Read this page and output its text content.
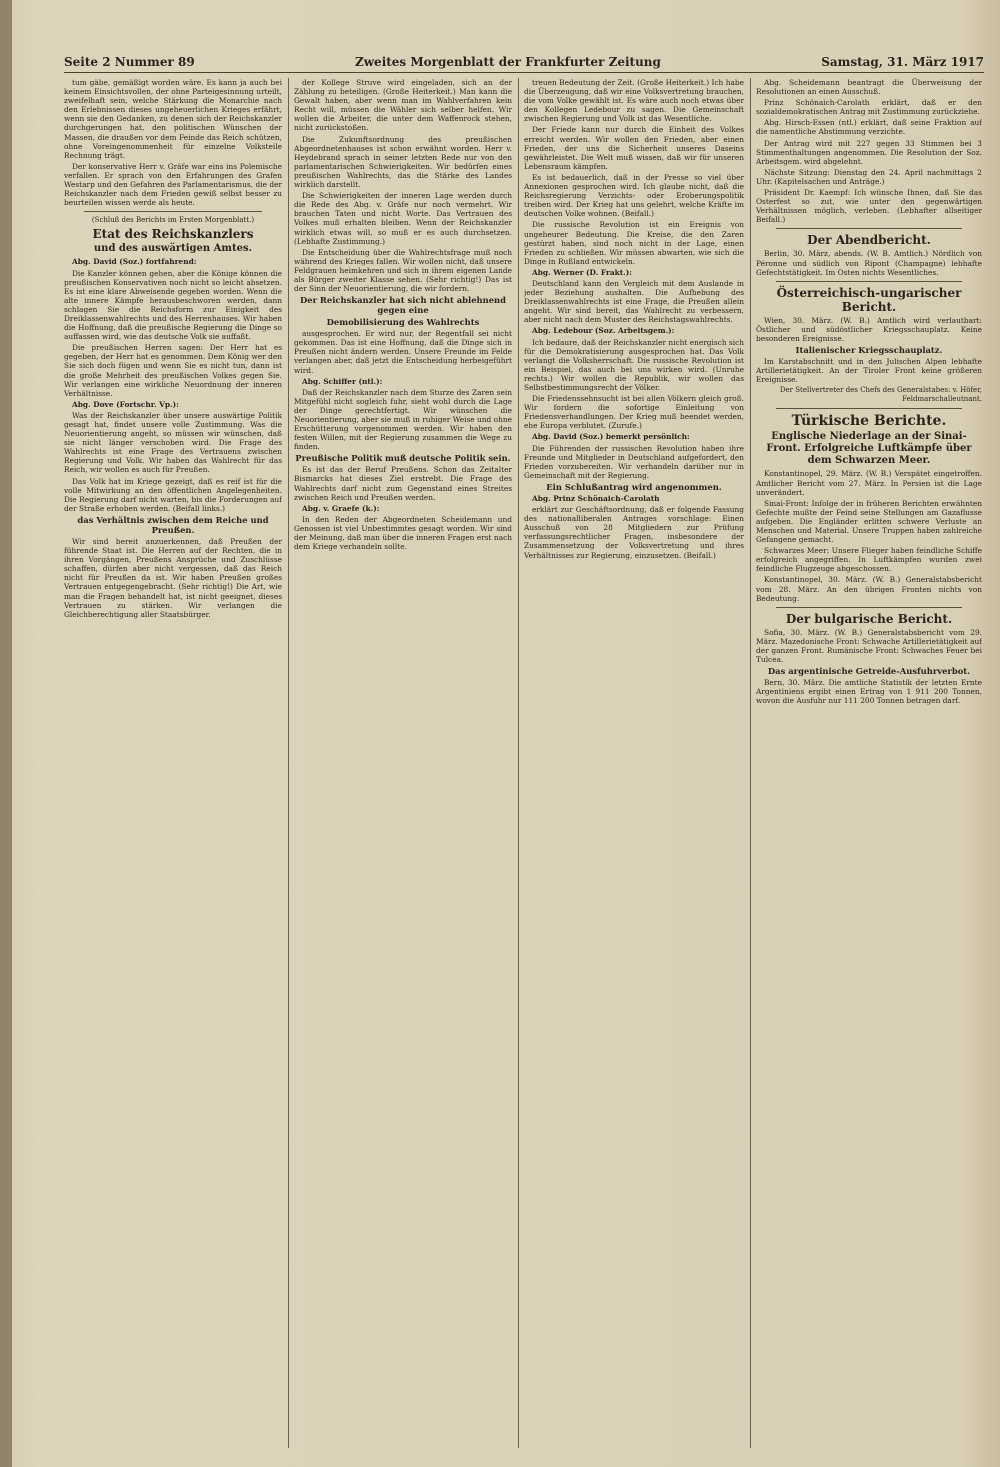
Seite 2 Nummer 89	Zweites Morgenblatt der Frankfurter Zeitung	Samstag, 31. März 1917

tum gäbe, gemäßigt worden wäre. Es kann ja auch bei keinem Einsichtsvollen, der ohne Parteigesinnung urteilt, zweifelhaft sein, welche Stärkung die Monarchie nach den Erlebnissen dieses ungeheuerlichen Krieges erfährt, wenn sie den Gedanken, zu denen sich der Reichskanzler durchgerungen hat, den politischen Wünschen der Massen, die draußen vor dem Feinde das Reich schützen, ohne Voreingenommenheit für einzelne Volksteile Rechnung trägt.

Der konservative Herr v. Gräfe war eins ins Polemische verfallen. Er sprach von den Erfahrungen des Grafen Westarp und den Gefahren des Parlamentarismus, die der Reichskanzler nach dem Frieden gewiß selbst besser zu beurteilen wissen werde als heute.

(Schluß des Berichts im Ersten Morgenblatt.)

Etat des Reichskanzlers

und des auswärtigen Amtes.

Abg. David (Soz.) fortfahrend:

Die Kanzler können gehen, aber die Könige können die preußischen Konservativen noch nicht so leicht absetzen. Es ist eine klare Abweisende gegeben worden. Wenn die alte innere Kämpfe herausbeschworen werden, dann schlagen Sie die Reichsform zur Einigkeit des Dreiklassenwahlrechts und des Herrenhauses. Wir haben die Hoffnung, daß die preußische Regierung die Dinge so auffassen wird, wie das deutsche Volk sie auffaßt.

Die preußischen Herren sagen: Der Herr hat es gegeben, der Herr hat es genommen. Dem König wer den Sie sich doch fügen und wenn Sie es nicht tun, dann ist die große Mehrheit des preußischen Volkes gegen Sie. Wir verlangen eine wirkliche Neuordnung der inneren Verhältnisse.

Abg. Dove (Fortschr. Vp.):

Was der Reichskanzler über unsere auswärtige Politik gesagt hat, findet unsere volle Zustimmung. Was die Neuorientierung angeht, so müssen wir wünschen, daß sie nicht länger verschoben wird. Die Frage des Wahlrechts ist eine Frage des Vertrauens zwischen Regierung und Volk. Wir haben das Wahlrecht für das Reich, wir wollen es auch für Preußen.

Das Volk hat im Kriege gezeigt, daß es reif ist für die volle Mitwirkung an den öffentlichen Angelegenheiten. Die Regierung darf nicht warten, bis die Forderungen auf der Straße erhoben werden. (Beifall links.)

das Verhältnis zwischen dem Reiche und Preußen.

Wir sind bereit anzuerkennen, daß Preußen der führende Staat ist. Die Herren auf der Rechten, die in ihren Vorgängen, Preußens Ansprüche und Zuschlüsse schaffen, dürfen aber nicht vergessen, daß das Reich nicht für Preußen da ist. Wir haben Preußen großes Vertrauen entgegengebracht. (Sehr richtig!) Die Art, wie man die Fragen behandelt hat, ist nicht geeignet, dieses Vertrauen zu stärken. Wir verlangen die Gleichberechtigung aller Staatsbürger.

der Kollege Struve wird eingeladen, sich an der Zählung zu beteiligen. (Große Heiterkeit.) Man kann die Gewalt haben, aber wenn man im Wahlverfahren kein Recht will, müssen die Wähler sich selber helfen. Wir wollen die Arbeiter, die unter dem Waffenrock stehen, nicht zurückstoßen.

Die Zukunftsordnung des preußischen Abgeordnetenhauses ist schon erwähnt worden. Herr v. Heydebrand sprach in seiner letzten Rede nur von den parlamentarischen Schwierigkeiten. Wir bedürfen eines preußischen Wahlrechts, das die Stärke des Landes wirklich darstellt.

Die Schwierigkeiten der inneren Lage werden durch die Rede des Abg. v. Gräfe nur noch vermehrt. Wir brauchen Taten und nicht Worte. Das Vertrauen des Volkes muß erhalten bleiben. Wenn der Reichskanzler wirklich etwas will, so muß er es auch durchsetzen. (Lebhafte Zustimmung.)

Die Entscheidung über die Wahlrechtsfrage muß noch während des Krieges fallen. Wir wollen nicht, daß unsere Feldgrauen heimkehren und sich in ihrem eigenen Lande als Bürger zweiter Klasse sehen. (Sehr richtig!) Das ist der Sinn der Neuorientierung, die wir fordern.

Der Reichskanzler hat sich nicht ablehnend gegen eine

Demobilisierung des Wahlrechts

ausgesprochen. Er wird nur, der Regentfall sei nicht gekommen. Das ist eine Hoffnung, daß die Dinge sich in Preußen nicht ändern werden. Unsere Freunde im Felde verlangen aber, daß jetzt die Entscheidung herbeigeführt wird.

Abg. Schiffer (ntl.):

Daß der Reichskanzler nach dem Sturze des Zaren sein Mitgefühl nicht sogleich fuhr, sieht wohl durch die Lage der Dinge gerechtfertigt. Wir wünschen die Neuorientierung, aber sie muß in ruhiger Weise und ohne Erschütterung vorgenommen werden. Wir haben den festen Willen, mit der Regierung zusammen die Wege zu finden.

Preußische Politik muß deutsche Politik sein.

Es ist das der Beruf Preußens. Schon das Zeitalter Bismarcks hat dieses Ziel erstrebt. Die Frage des Wahlrechts darf nicht zum Gegenstand eines Streites zwischen Reich und Preußen werden.

Abg. v. Graefe (k.):

In den Reden der Abgeordneten Scheidemann und Genossen ist viel Unbestimmtes gesagt worden. Wir sind der Meinung, daß man über die inneren Fragen erst nach dem Kriege verhandeln sollte.

treuen Bedeutung der Zeit. (Große Heiterkeit.) Ich habe die Überzeugung, daß wir eine Volksvertretung brauchen, die vom Volke gewählt ist. Es wäre auch noch etwas über den Kollegen Ledebour zu sagen. Die Gemeinschaft zwischen Regierung und Volk ist das Wesentliche.

Der Friede kann nur durch die Einheit des Volkes erreicht werden. Wir wollen den Frieden, aber einen Frieden, der uns die Sicherheit unseres Daseins gewährleistet. Die Welt muß wissen, daß wir für unseren Lebensraum kämpfen.

Es ist bedauerlich, daß in der Presse so viel über Annexionen gesprochen wird. Ich glaube nicht, daß die Reichsregierung Verzichts- oder Eroberungspolitik treiben wird. Der Krieg hat uns gelehrt, welche Kräfte im deutschen Volke wohnen. (Beifall.)

Die russische Revolution ist ein Ereignis von ungeheurer Bedeutung. Die Kreise, die den Zaren gestürzt haben, sind noch nicht in der Lage, einen Frieden zu schließen. Wir müssen abwarten, wie sich die Dinge in Rußland entwickeln.

Abg. Werner (D. Frakt.):

Deutschland kann den Vergleich mit dem Auslande in jeder Beziehung aushalten. Die Aufhebung des Dreiklassenwahlrechts ist eine Frage, die Preußen allein angeht. Wir sind bereit, das Wahlrecht zu verbessern, aber nicht nach dem Muster des Reichstagswahlrechts.

Abg. Ledebour (Soz. Arbeitsgem.):

Ich bedaure, daß der Reichskanzler nicht energisch sich für die Demokratisierung ausgesprochen hat. Das Volk verlangt die Volksherrschaft. Die russische Revolution ist ein Beispiel, das auch bei uns wirken wird. (Unruhe rechts.) Wir wollen die Republik, wir wollen das Selbstbestimmungsrecht der Völker.

Die Friedenssehnsucht ist bei allen Völkern gleich groß. Wir fordern die sofortige Einleitung von Friedensverhandlungen. Der Krieg muß beendet werden, ehe Europa verblutet. (Zurufe.)

Abg. David (Soz.) bemerkt persönlich:

Die Führenden der russischen Revolution haben ihre Freunde und Mitglieder in Deutschland aufgefordert, den Frieden vorzubereiten. Wir verhandeln darüber nur in Gemeinschaft mit der Regierung.

Ein Schlußantrag wird angenommen.

Abg. Prinz Schönaich-Carolath

erklärt zur Geschäftsordnung, daß er folgende Fassung des nationalliberalen Antrages vorschlage: Einen Ausschuß von 28 Mitgliedern zur Prüfung verfassungsrechtlicher Fragen, insbesondere der Zusammensetzung der Volksvertretung und ihres Verhältnisses zur Regierung, einzusetzen. (Beifall.)

Abg. Scheidemann beantragt die Überweisung der Resolutionen an einen Ausschuß.

Prinz Schönaich-Carolath erklärt, daß er den sozialdemokratischen Antrag mit Zustimmung zurückziehe.

Abg. Hirsch-Essen (ntl.) erklärt, daß seine Fraktion auf die namentliche Abstimmung verzichte.

Der Antrag wird mit 227 gegen 33 Stimmen bei 3 Stimmenthaltungen angenommen. Die Resolution der Soz. Arbeitsgem. wird abgelehnt.

Nächste Sitzung: Dienstag den 24. April nachmittags 2 Uhr. (Kapitelsachen und Anträge.)

Präsident Dr. Kaempf: Ich wünsche Ihnen, daß Sie das Osterfest so zut, wie unter den gegenwärtigen Verhältnissen möglich, verleben. (Lebhafter allseitiger Beifall.)

Der Abendbericht.

Berlin, 30. März, abends. (W. B. Amtlich.) Nördlich von Péronne und südlich von Ripont (Champagne) lebhafte Gefechtstätigkeit. Im Osten nichts Wesentliches.

Österreichisch-ungarischer Bericht.

Wien, 30. März. (W. B.) Amtlich wird verlautbart: Östlicher und südöstlicher Kriegsschauplatz. Keine besonderen Ereignisse.

Italienischer Kriegsschauplatz.

Im Karstabschnitt und in den Julischen Alpen lebhafte Artillerietätigkeit. An der Tiroler Front keine größeren Ereignisse.

Der Stellvertreter des Chefs des Generalstabes: v. Höfer, Feldmarschalleutnant.

Türkische Berichte.

Englische Niederlage an der Sinai-Front. Erfolgreiche Luftkämpfe über dem Schwarzen Meer.

Konstantinopel, 29. März. (W. B.) Verspätet eingetroffen. Amtlicher Bericht vom 27. März. In Persien ist die Lage unverändert.

Sinai-Front: Infolge der in früheren Berichten erwähnten Gefechte mußte der Feind seine Stellungen am Gazaflusse aufgeben. Die Engländer erlitten schwere Verluste an Menschen und Material. Unsere Truppen haben zahlreiche Gefangene gemacht.

Schwarzes Meer: Unsere Flieger haben feindliche Schiffe erfolgreich angegriffen. In Luftkämpfen wurden zwei feindliche Flugzeuge abgeschossen.

Konstantinopel, 30. März. (W. B.) Generalstabsbericht vom 28. März. An den übrigen Fronten nichts von Bedeutung.

Der bulgarische Bericht.

Sofia, 30. März. (W. B.) Generalstabsbericht vom 29. März. Mazedonische Front: Schwache Artillerietätigkeit auf der ganzen Front. Rumänische Front: Schwaches Feuer bei Tulcea.

Das argentinische Getreide-Ausfuhrverbot.

Bern, 30. März. Die amtliche Statistik der letzten Ernte Argentiniens ergibt einen Ertrag von 1 911 200 Tonnen, wovon die Ausfuhr nur 111 200 Tonnen betragen darf.
